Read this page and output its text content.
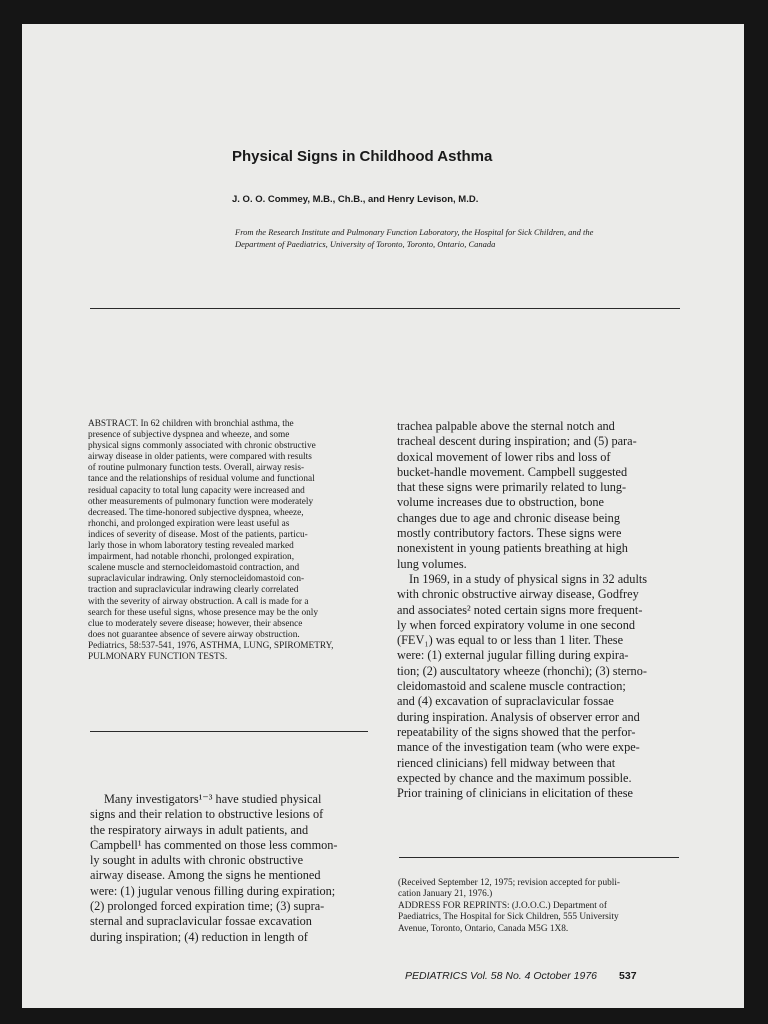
Physical Signs in Childhood Asthma
J. O. O. Commey, M.B., Ch.B., and Henry Levison, M.D.
From the Research Institute and Pulmonary Function Laboratory, the Hospital for Sick Children, and the
Department of Paediatrics, University of Toronto, Toronto, Ontario, Canada
ABSTRACT. In 62 children with bronchial asthma, the
presence of subjective dyspnea and wheeze, and some
physical signs commonly associated with chronic obstructive
airway disease in older patients, were compared with results
of routine pulmonary function tests. Overall, airway resis-
tance and the relationships of residual volume and functional
residual capacity to total lung capacity were increased and
other measurements of pulmonary function were moderately
decreased. The time-honored subjective dyspnea, wheeze,
rhonchi, and prolonged expiration were least useful as
indices of severity of disease. Most of the patients, particu-
larly those in whom laboratory testing revealed marked
impairment, had notable rhonchi, prolonged expiration,
scalene muscle and sternocleidomastoid contraction, and
supraclavicular indrawing. Only sternocleidomastoid con-
traction and supraclavicular indrawing clearly correlated
with the severity of airway obstruction. A call is made for a
search for these useful signs, whose presence may be the only
clue to moderately severe disease; however, their absence
does not guarantee absence of severe airway obstruction.
Pediatrics, 58:537-541, 1976, ASTHMA, LUNG, SPIROMETRY,
PULMONARY FUNCTION TESTS.
Many investigators¹⁻³ have studied physical
signs and their relation to obstructive lesions of
the respiratory airways in adult patients, and
Campbell¹ has commented on those less common-
ly sought in adults with chronic obstructive
airway disease. Among the signs he mentioned
were: (1) jugular venous filling during expiration;
(2) prolonged forced expiration time; (3) supra-
sternal and supraclavicular fossae excavation
during inspiration; (4) reduction in length of
trachea palpable above the sternal notch and
tracheal descent during inspiration; and (5) para-
doxical movement of lower ribs and loss of
bucket-handle movement. Campbell suggested
that these signs were primarily related to lung-
volume increases due to obstruction, bone
changes due to age and chronic disease being
mostly contributory factors. These signs were
nonexistent in young patients breathing at high
lung volumes.
In 1969, in a study of physical signs in 32 adults
with chronic obstructive airway disease, Godfrey
and associates² noted certain signs more frequent-
ly when forced expiratory volume in one second
(FEV₁) was equal to or less than 1 liter. These
were: (1) external jugular filling during expira-
tion; (2) auscultatory wheeze (rhonchi); (3) sterno-
cleidomastoid and scalene muscle contraction;
and (4) excavation of supraclavicular fossae
during inspiration. Analysis of observer error and
repeatability of the signs showed that the perfor-
mance of the investigation team (who were expe-
rienced clinicians) fell midway between that
expected by chance and the maximum possible.
Prior training of clinicians in elicitation of these
(Received September 12, 1975; revision accepted for publi-
cation January 21, 1976.)
ADDRESS FOR REPRINTS: (J.O.O.C.) Department of
Paediatrics, The Hospital for Sick Children, 555 University
Avenue, Toronto, Ontario, Canada M5G 1X8.
PEDIATRICS Vol. 58 No. 4 October 1976 537
